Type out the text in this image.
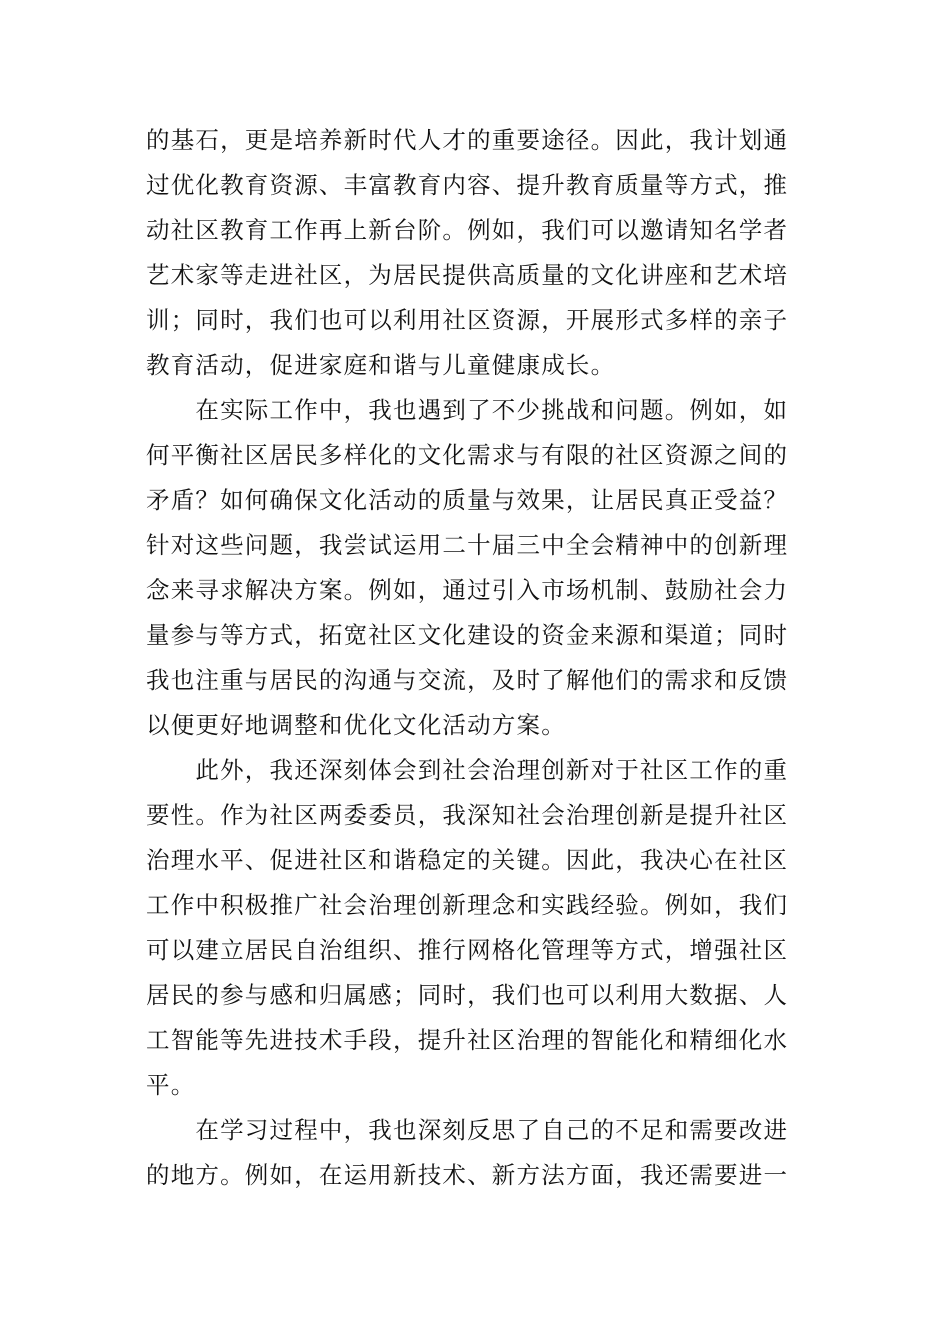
的基石，更是培养新时代人才的重要途径。因此，我计划通
过优化教育资源、丰富教育内容、提升教育质量等方式，推
动社区教育工作再上新台阶。例如，我们可以邀请知名学者
艺术家等走进社区，为居民提供高质量的文化讲座和艺术培
训；同时，我们也可以利用社区资源，开展形式多样的亲子
教育活动，促进家庭和谐与儿童健康成长。
　　在实际工作中，我也遇到了不少挑战和问题。例如，如
何平衡社区居民多样化的文化需求与有限的社区资源之间的
矛盾？如何确保文化活动的质量与效果，让居民真正受益？
针对这些问题，我尝试运用二十届三中全会精神中的创新理
念来寻求解决方案。例如，通过引入市场机制、鼓励社会力
量参与等方式，拓宽社区文化建设的资金来源和渠道；同时
我也注重与居民的沟通与交流，及时了解他们的需求和反馈
以便更好地调整和优化文化活动方案。
　　此外，我还深刻体会到社会治理创新对于社区工作的重
要性。作为社区两委委员，我深知社会治理创新是提升社区
治理水平、促进社区和谐稳定的关键。因此，我决心在社区
工作中积极推广社会治理创新理念和实践经验。例如，我们
可以建立居民自治组织、推行网格化管理等方式，增强社区
居民的参与感和归属感；同时，我们也可以利用大数据、人
工智能等先进技术手段，提升社区治理的智能化和精细化水
平。
　　在学习过程中，我也深刻反思了自己的不足和需要改进
的地方。例如，在运用新技术、新方法方面，我还需要进一
